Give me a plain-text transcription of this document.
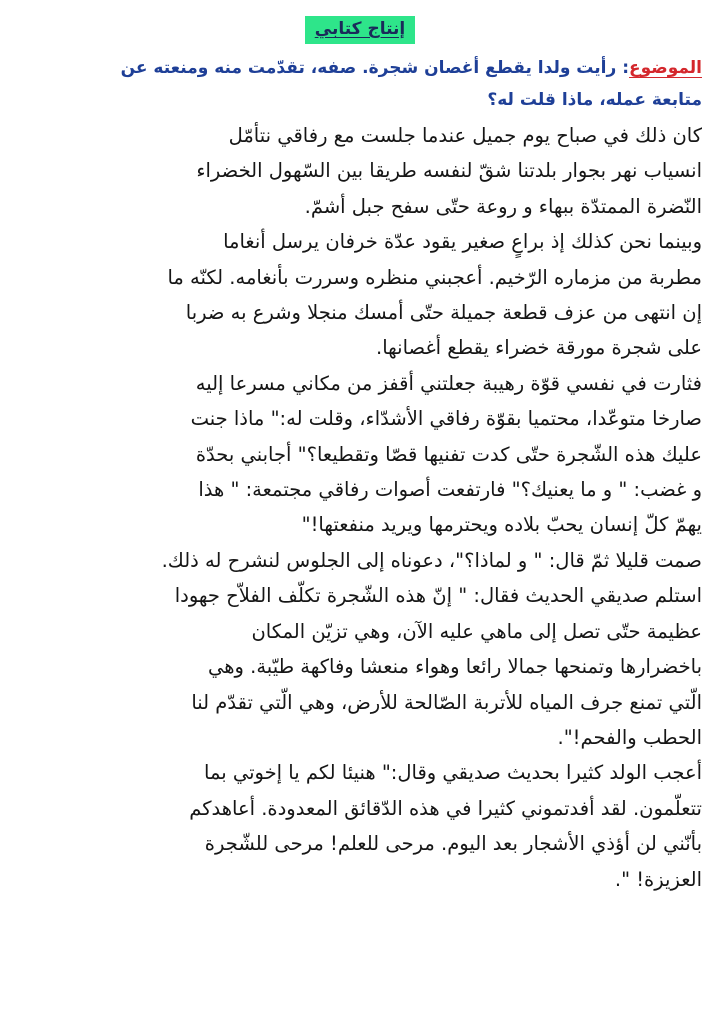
إنتاج كتابي
الموضوع: رأيت ولدا يقطع أغصان شجرة. صفه، تقدّمت منه ومنعته عن
متابعة عمله، ماذا قلت له؟
كان ذلك في صباح يوم جميل عندما جلست مع رفاقي نتأمّل
انسياب نهر بجوار بلدتنا شقّ لنفسه طريقا بين السّهول الخضراء
النّضرة الممتدّة ببهاء و روعة حتّى سفح جبل أشمّ.
وبينما نحن كذلك إذ براعٍ صغير يقود عدّة خرفان يرسل أنغاما
مطربة من مزماره الرّخيم. أعجبني منظره وسررت بأنغامه. لكنّه ما
إن انتهى من عزف قطعة جميلة حتّى أمسك منجلا وشرع به ضربا
على شجرة مورقة خضراء يقطع أغصانها.
فثارت في نفسي قوّة رهيبة جعلتني أقفز من مكاني مسرعا إليه
صارخا متوعّدا، محتميا بقوّة رفاقي الأشدّاء، وقلت له:" ماذا جنت
عليك هذه الشّجرة حتّى كدت تفنيها قصّا وتقطيعا؟" أجابني بحدّة
و غضب: " و ما يعنيك؟" فارتفعت أصوات رفاقي مجتمعة: " هذا
يهمّ كلّ إنسان يحبّ بلاده ويحترمها ويريد منفعتها!"
صمت قليلا ثمّ قال: " و لماذا؟"، دعوناه إلى الجلوس لنشرح له ذلك.
استلم صديقي الحديث فقال: " إنّ هذه الشّجرة تكلّف الفلاّح جهودا
عظيمة حتّى تصل إلى ماهي عليه الآن، وهي تزيّن المكان
باخضرارها وتمنحها جمالا رائعا وهواء منعشا وفاكهة طيّبة. وهي
الّتي تمنع جرف المياه للأتربة الصّالحة للأرض، وهي الّتي تقدّم لنا
الحطب والفحم!".
أعجب الولد كثيرا بحديث صديقي وقال:" هنيئا لكم يا إخوتي بما
تتعلّمون. لقد أفدتموني كثيرا في هذه الدّقائق المعدودة. أعاهدكم
بأنّني لن أؤذي الأشجار بعد اليوم. مرحى للعلم! مرحى للشّجرة
العزيزة! ".
